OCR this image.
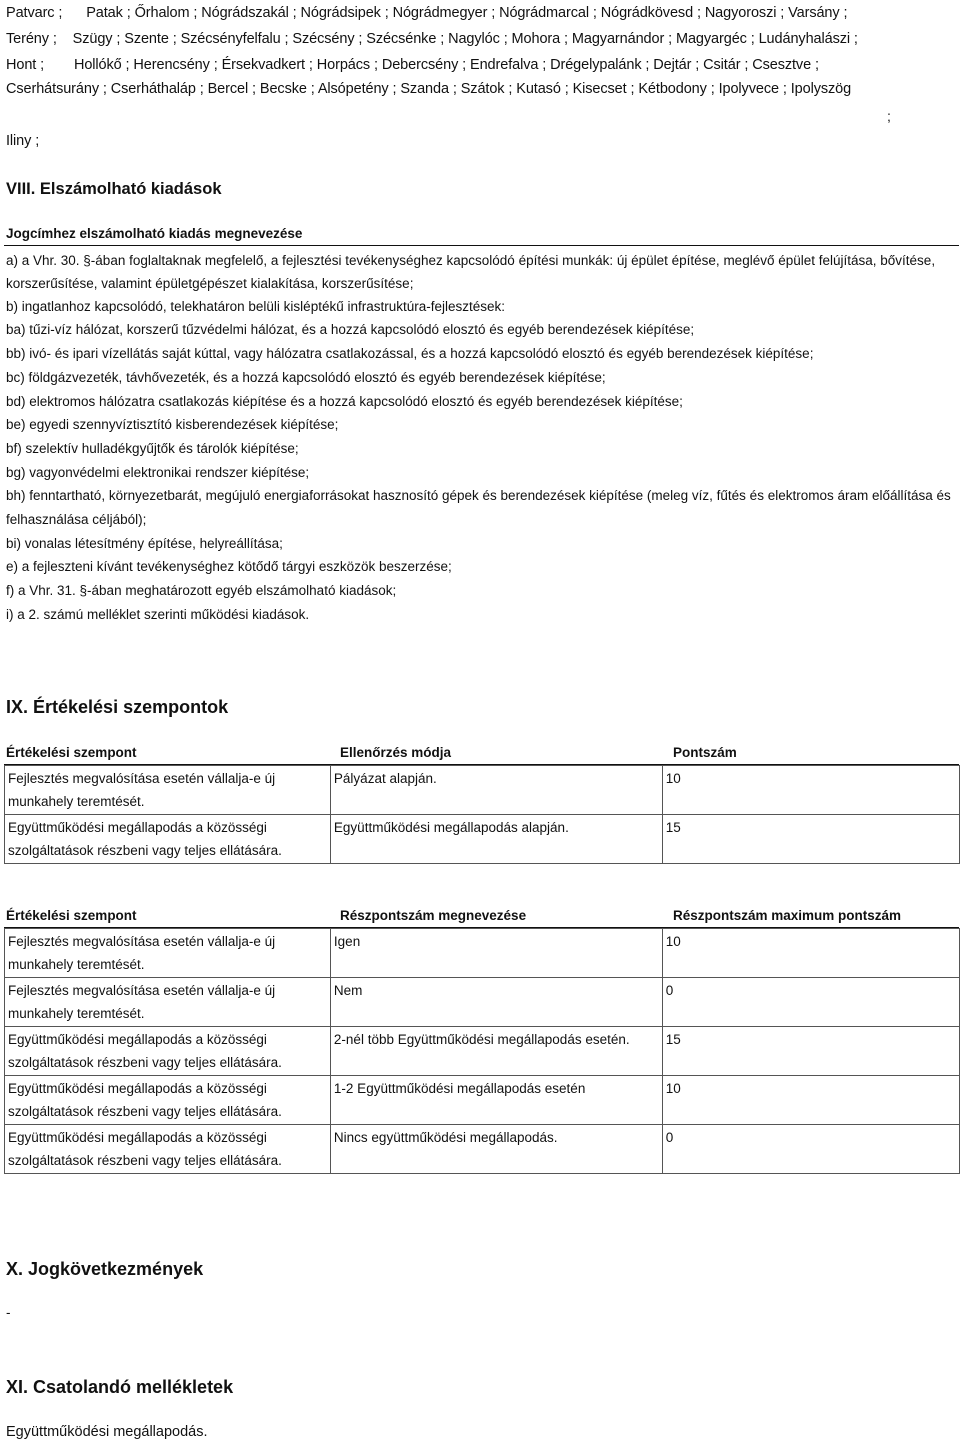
Patvarc ; Patak ; Őrhalom ; Nógrádszakál ; Nógrádsipek ; Nógrádmegyer ; Nógrádmarcal ; Nógrádkövesd ; Nagyoroszi ; Varsány ;
Terény ; Szügy ; Szente ; Szécsényfelfalu ; Szécsény ; Szécsénke ; Nagylóc ; Mohora ; Magyarnándor ; Magyargéc ; Ludányhalászi ;
Hont ; Hollókő ; Herencsény ; Érsekvadkert ; Horpács ; Debercsény ; Endrefalva ; Drégelypalánk ; Dejtár ; Csitár ; Csesztve ;
Cserhátsurány ; Cserháthaláp ; Bercel ; Becske ; Alsópetény ; Szanda ; Szátok ; Kutasó ; Kisecset ; Kétbodony ; Ipolyvece ; Ipolyszög
;
Iliny ;
VIII. Elszámolható kiadások
Jogcímhez elszámolható kiadás megnevezése
a) a Vhr. 30. §-ában foglaltaknak megfelelő, a fejlesztési tevékenységhez kapcsolódó építési munkák: új épület építése, meglévő épület felújítása, bővítése,
korszerűsítése, valamint épületgépészet kialakítása, korszerűsítése;
b) ingatlanhoz kapcsolódó, telekhatáron belüli kisléptékű infrastruktúra-fejlesztések:
ba) tűzi-víz hálózat, korszerű tűzvédelmi hálózat, és a hozzá kapcsolódó elosztó és egyéb berendezések kiépítése;
bb) ivó- és ipari vízellátás saját kúttal, vagy hálózatra csatlakozással, és a hozzá kapcsolódó elosztó és egyéb berendezések kiépítése;
bc) földgázvezeték, távhővezeték, és a hozzá kapcsolódó elosztó és egyéb berendezések kiépítése;
bd) elektromos hálózatra csatlakozás kiépítése és a hozzá kapcsolódó elosztó és egyéb berendezések kiépítése;
be) egyedi szennyvíztisztító kisberendezések kiépítése;
bf) szelektív hulladékgyűjtők és tárolók kiépítése;
bg) vagyonvédelmi elektronikai rendszer kiépítése;
bh) fenntartható, környezetbarát, megújuló energiaforrásokat hasznosító gépek és berendezések kiépítése (meleg víz, fűtés és elektromos áram előállítása és
felhasználása céljából);
bi) vonalas létesítmény építése, helyreállítása;
e) a fejleszteni kívánt tevékenységhez kötődő tárgyi eszközök beszerzése;
f) a Vhr. 31. §-ában meghatározott egyéb elszámolható kiadások;
i) a 2. számú melléklet szerinti működési kiadások.
IX. Értékelési szempontok
Értékelési szempont	Ellenőrzés módja	Pontszám
Fejlesztés megvalósítása esetén vállalja-e új munkahely teremtését.	Pályázat alapján.	10
Együttműködési megállapodás a közösségi szolgáltatások részbeni vagy teljes ellátására.	Együttműködési megállapodás alapján.	15
Értékelési szempont	Részpontszám megnevezése	Részpontszám maximum pontszám
Fejlesztés megvalósítása esetén vállalja-e új munkahely teremtését.	Igen	10
Fejlesztés megvalósítása esetén vállalja-e új munkahely teremtését.	Nem	0
Együttműködési megállapodás a közösségi szolgáltatások részbeni vagy teljes ellátására.	2-nél több Együttműködési megállapodás esetén.	15
Együttműködési megállapodás a közösségi szolgáltatások részbeni vagy teljes ellátására.	1-2 Együttműködési megállapodás esetén	10
Együttműködési megállapodás a közösségi szolgáltatások részbeni vagy teljes ellátására.	Nincs együttműködési megállapodás.	0
X. Jogkövetkezmények
-
XI. Csatolandó mellékletek
Együttműködési megállapodás.
